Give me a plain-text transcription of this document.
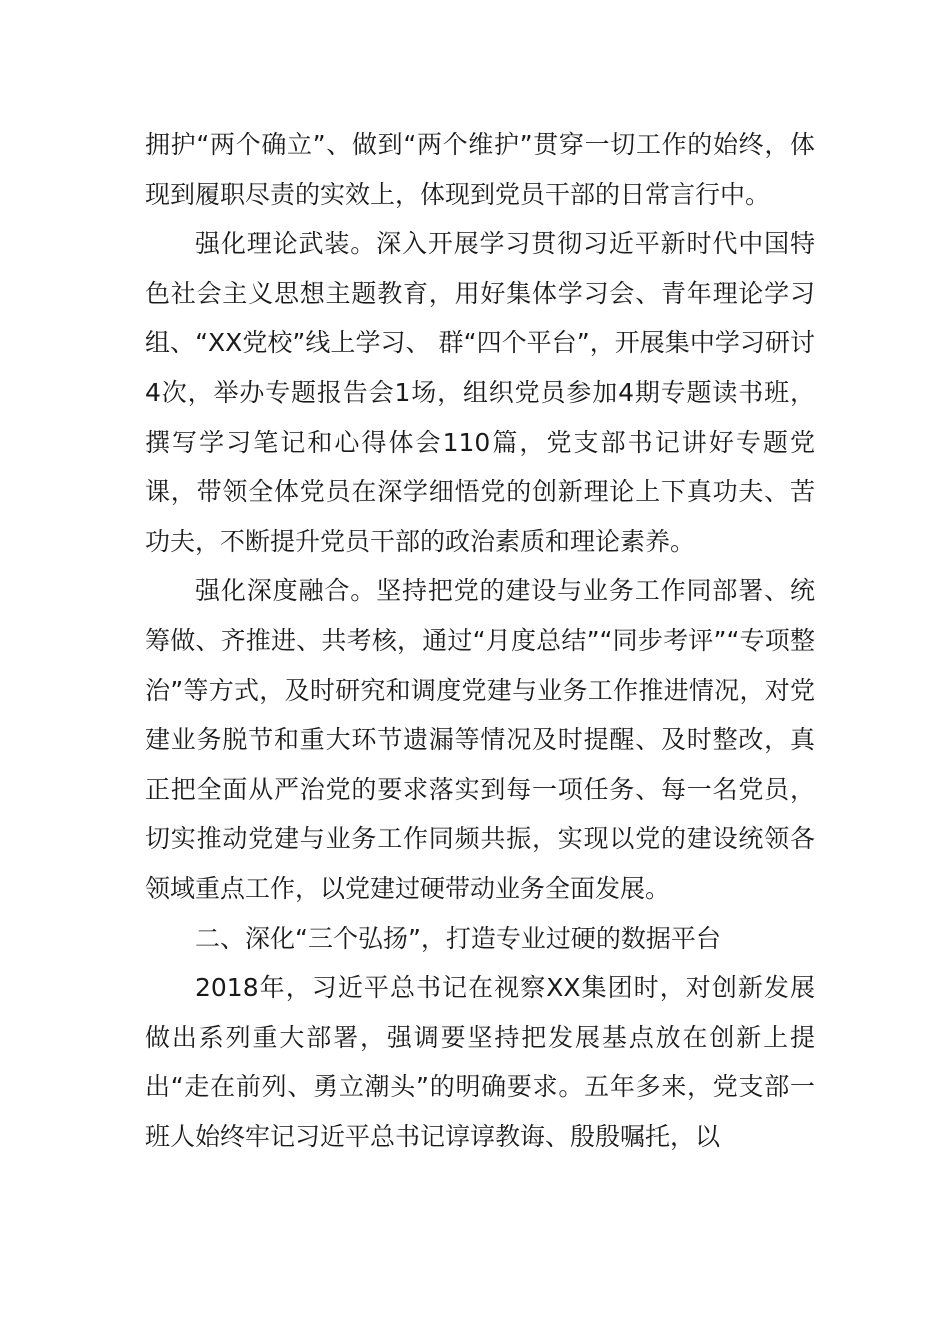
拥护“两个确立”、做到“两个维护”贯穿一切工作的始终，体现到履职尽责的实效上，体现到党员干部的日常言行中。

强化理论武装。深入开展学习贯彻习近平新时代中国特色社会主义思想主题教育，用好集体学习会、青年理论学习组、“XX党校”线上学习、 群“四个平台”，开展集中学习研讨4次，举办专题报告会1场，组织党员参加4期专题读书班，撰写学习笔记和心得体会110篇，党支部书记讲好专题党课，带领全体党员在深学细悟党的创新理论上下真功夫、苦功夫，不断提升党员干部的政治素质和理论素养。

强化深度融合。坚持把党的建设与业务工作同部署、统筹做、齐推进、共考核，通过“月度总结”“同步考评”“专项整治”等方式，及时研究和调度党建与业务工作推进情况，对党建业务脱节和重大环节遗漏等情况及时提醒、及时整改，真正把全面从严治党的要求落实到每一项任务、每一名党员，切实推动党建与业务工作同频共振，实现以党的建设统领各领域重点工作，以党建过硬带动业务全面发展。

二、深化“三个弘扬”，打造专业过硬的数据平台

2018年，习近平总书记在视察XX集团时，对创新发展做出系列重大部署，强调要坚持把发展基点放在创新上提出“走在前列、勇立潮头”的明确要求。五年多来，党支部一班人始终牢记习近平总书记谆谆教诲、殷殷嘱托，以
